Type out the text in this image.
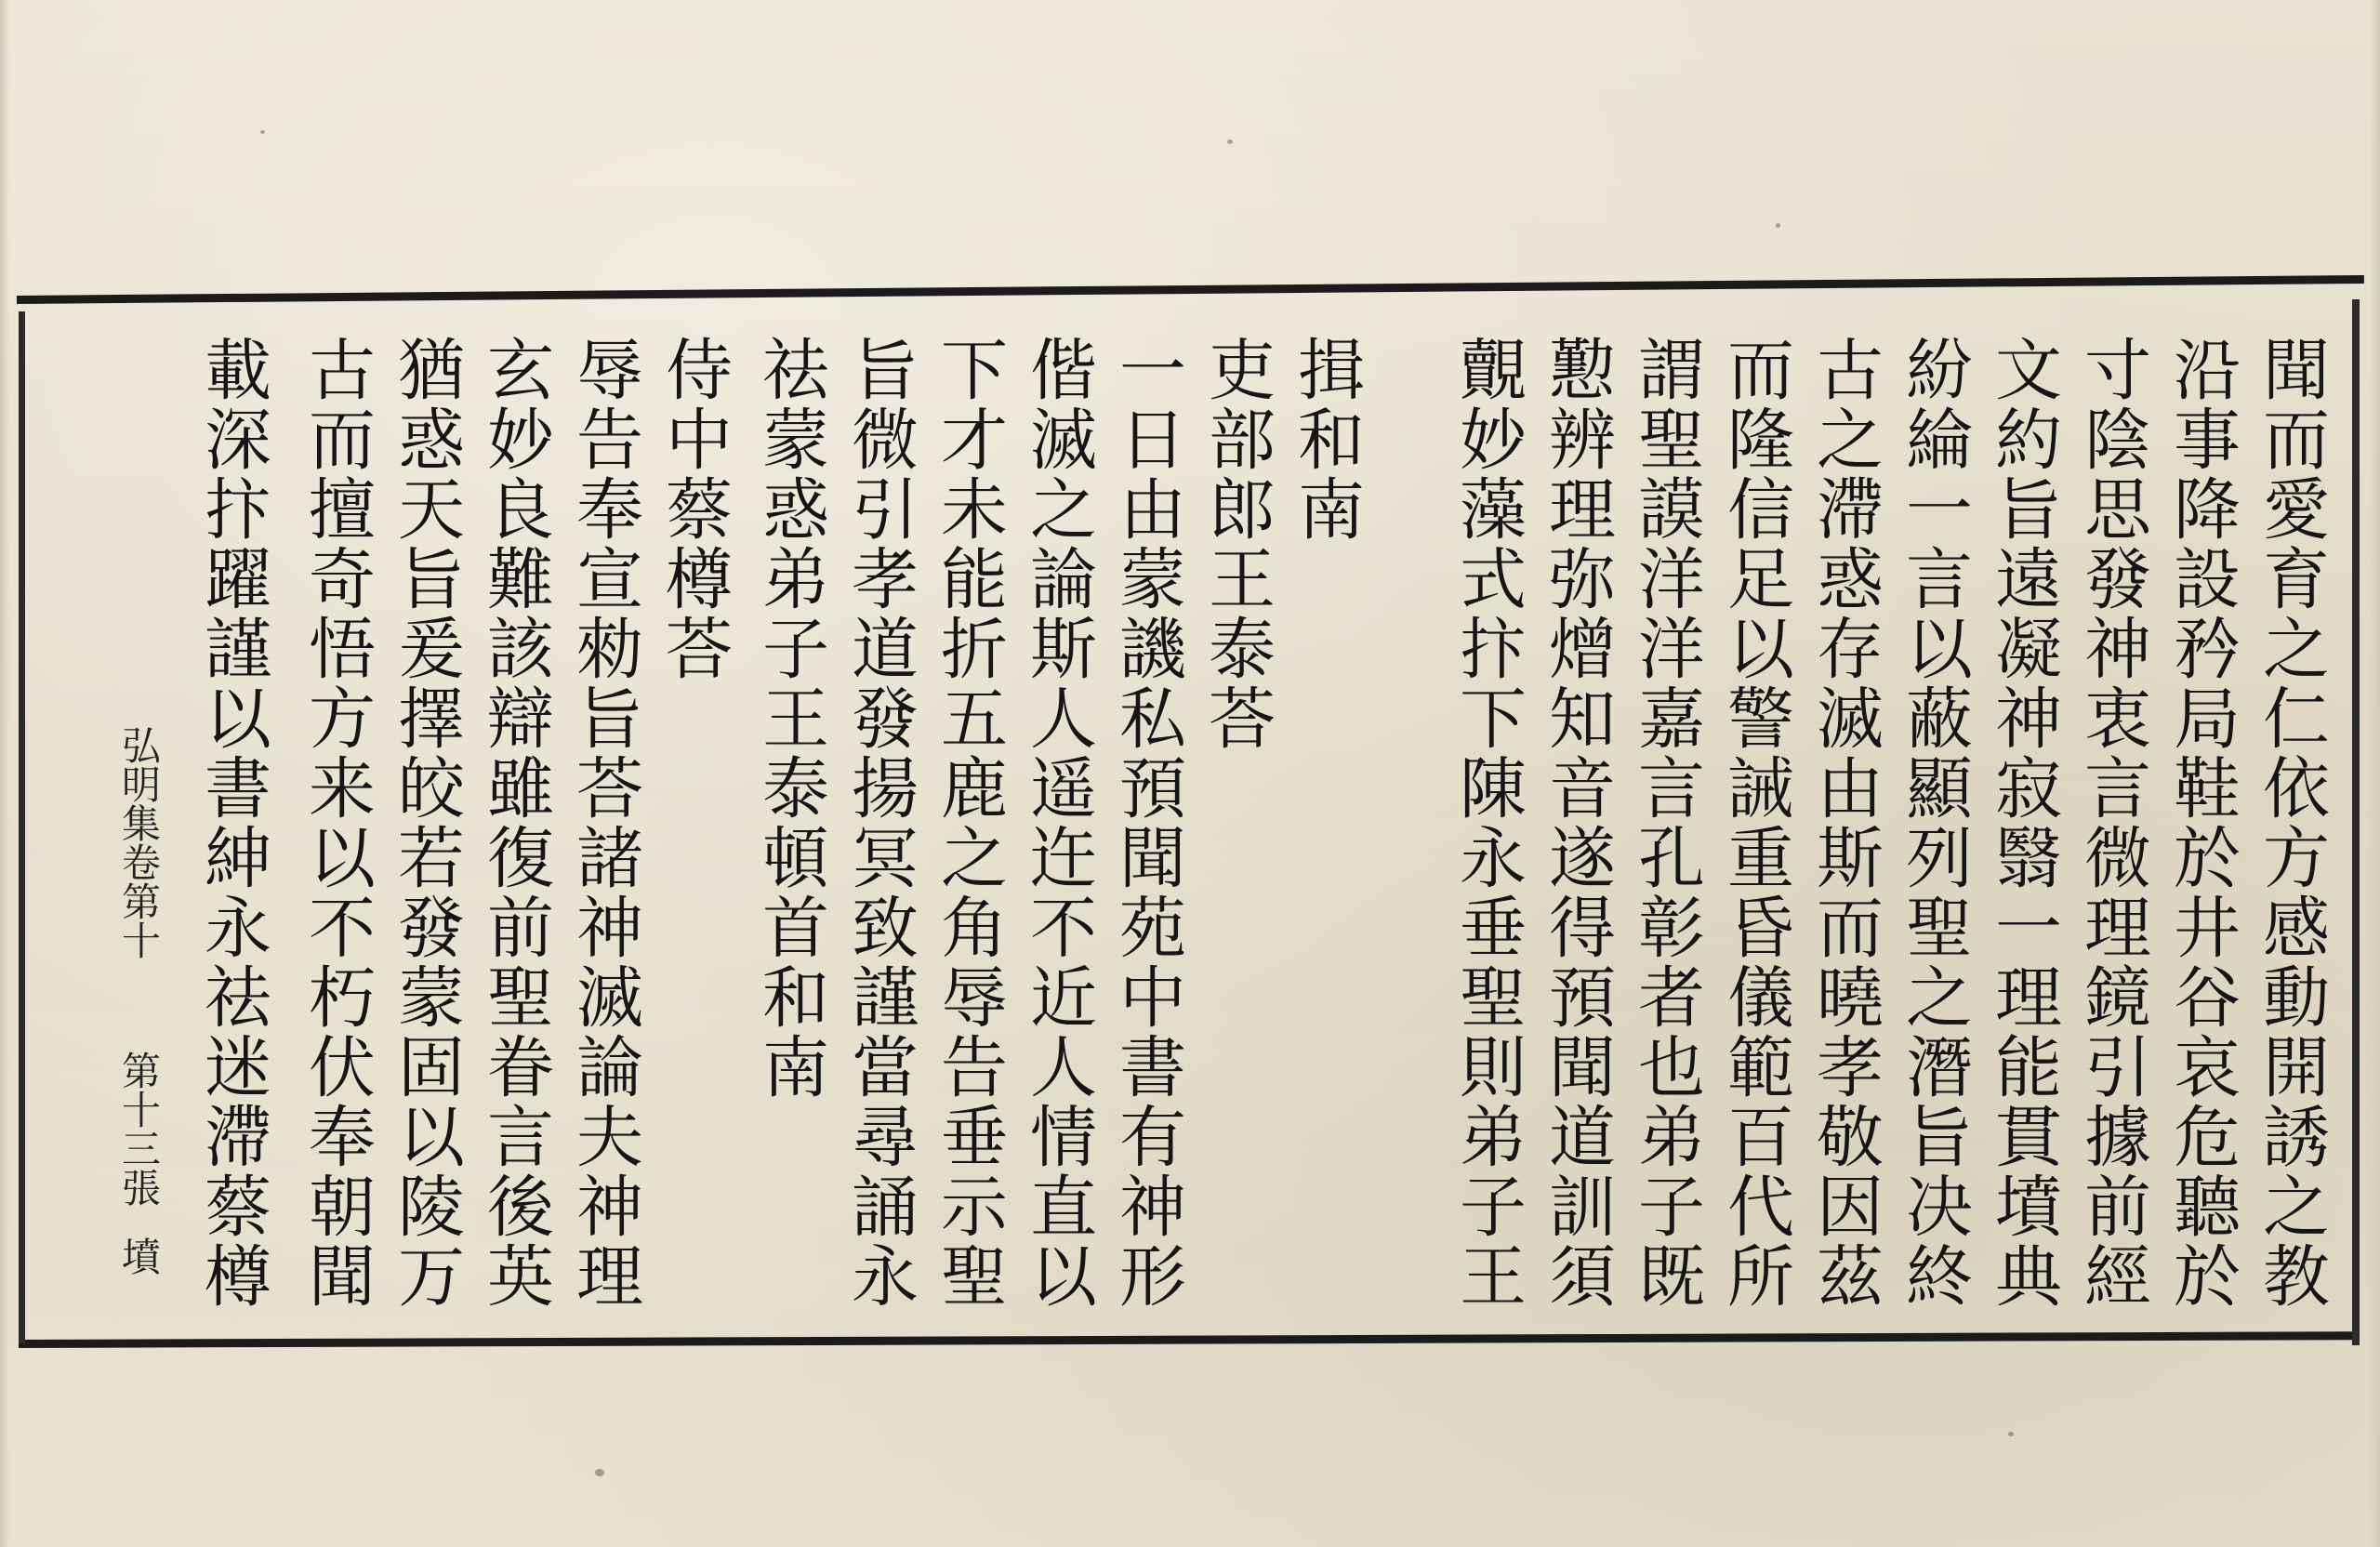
聞而愛育之仁依方感動開誘之教
沿事降設矜局鞋於井谷哀危聽於
寸陰思發神衷言微理鏡引據前經
文約旨遠凝神寂翳一理能貫墳典
紛綸一言以蔽顯列聖之潛旨决終
古之滯惑存滅由斯而曉孝敬因茲
而隆信足以警誡重昏儀範百代所
謂聖謨洋洋嘉言孔彰者也弟子既
懃辨理弥熷知音遂得預聞道訓須
覿妙藻式抃下陳永垂聖則弟子王
揖和南
吏部郎王泰荅
一日由蒙譏私預聞苑中書有神形
偕滅之論斯人遥迕不近人情直以
下才未能折五鹿之角辱告垂示聖
旨微引孝道發揚冥致謹當尋誦永
祛蒙惑弟子王泰頓首和南
侍中蔡樽荅
辱告奉宣勑旨荅諸神滅論夫神理
玄妙良難該辯雖復前聖眷言後英
猶惑天旨爰擇皎若發蒙固以陵万
古而擅奇悟方来以不朽伏奉朝聞
載深抃躍謹以書紳永祛迷滯蔡樽
弘明集卷第十
第十三張
墳
